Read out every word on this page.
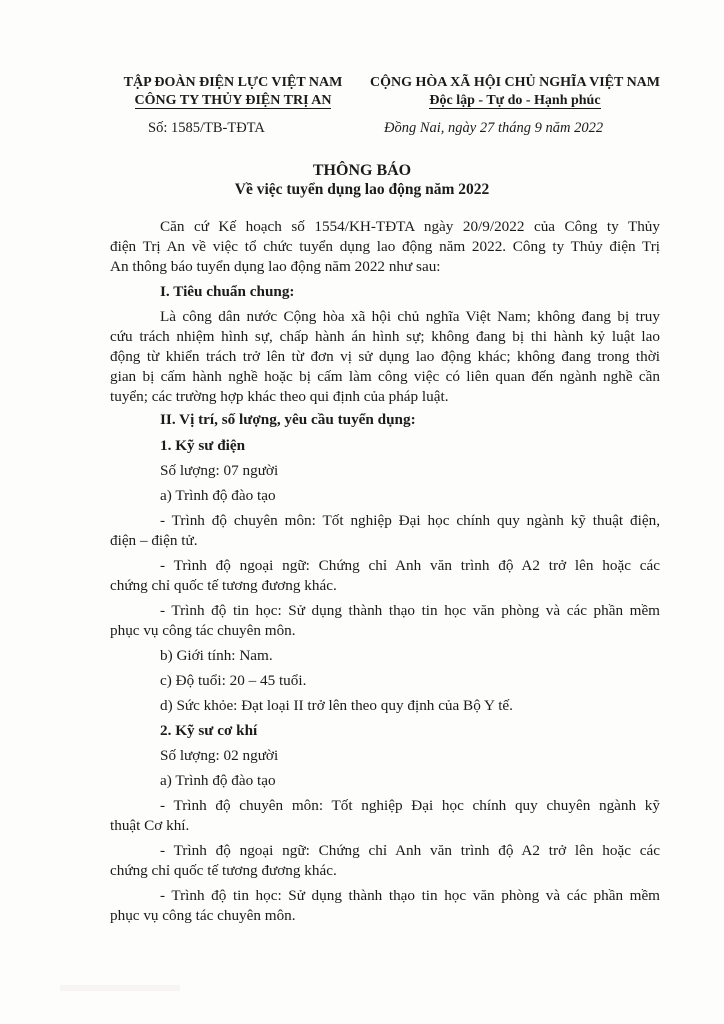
TẬP ĐOÀN ĐIỆN LỰC VIỆT NAM
CÔNG TY THỦY ĐIỆN TRỊ AN
CỘNG HÒA XÃ HỘI CHỦ NGHĨA VIỆT NAM
Độc lập - Tự do - Hạnh phúc
Số: 1585/TB-TĐTA	Đồng Nai, ngày 27 tháng 9 năm 2022
THÔNG BÁO
Về việc tuyển dụng lao động năm 2022
Căn cứ Kế hoạch số 1554/KH-TĐTA ngày 20/9/2022 của Công ty Thủy
điện Trị An về việc tổ chức tuyển dụng lao động năm 2022. Công ty Thủy điện Trị
An thông báo tuyển dụng lao động năm 2022 như sau:
I. Tiêu chuẩn chung:
Là công dân nước Cộng hòa xã hội chủ nghĩa Việt Nam; không đang bị truy
cứu trách nhiệm hình sự, chấp hành án hình sự; không đang bị thi hành kỷ luật lao
động từ khiển trách trở lên từ đơn vị sử dụng lao động khác; không đang trong thời
gian bị cấm hành nghề hoặc bị cấm làm công việc có liên quan đến ngành nghề cần
tuyển; các trường hợp khác theo qui định của pháp luật.
II. Vị trí, số lượng, yêu cầu tuyển dụng:
1. Kỹ sư điện
Số lượng: 07 người
a) Trình độ đào tạo
- Trình độ chuyên môn: Tốt nghiệp Đại học chính quy ngành kỹ thuật điện,
điện – điện tử.
- Trình độ ngoại ngữ: Chứng chỉ Anh văn trình độ A2 trở lên hoặc các
chứng chỉ quốc tế tương đương khác.
- Trình độ tin học: Sử dụng thành thạo tin học văn phòng và các phần mềm
phục vụ công tác chuyên môn.
b) Giới tính: Nam.
c) Độ tuổi: 20 – 45 tuổi.
d) Sức khỏe: Đạt loại II trở lên theo quy định của Bộ Y tế.
2. Kỹ sư cơ khí
Số lượng: 02 người
a) Trình độ đào tạo
- Trình độ chuyên môn: Tốt nghiệp Đại học chính quy chuyên ngành kỹ
thuật Cơ khí.
- Trình độ ngoại ngữ: Chứng chỉ Anh văn trình độ A2 trở lên hoặc các
chứng chỉ quốc tế tương đương khác.
- Trình độ tin học: Sử dụng thành thạo tin học văn phòng và các phần mềm
phục vụ công tác chuyên môn.
